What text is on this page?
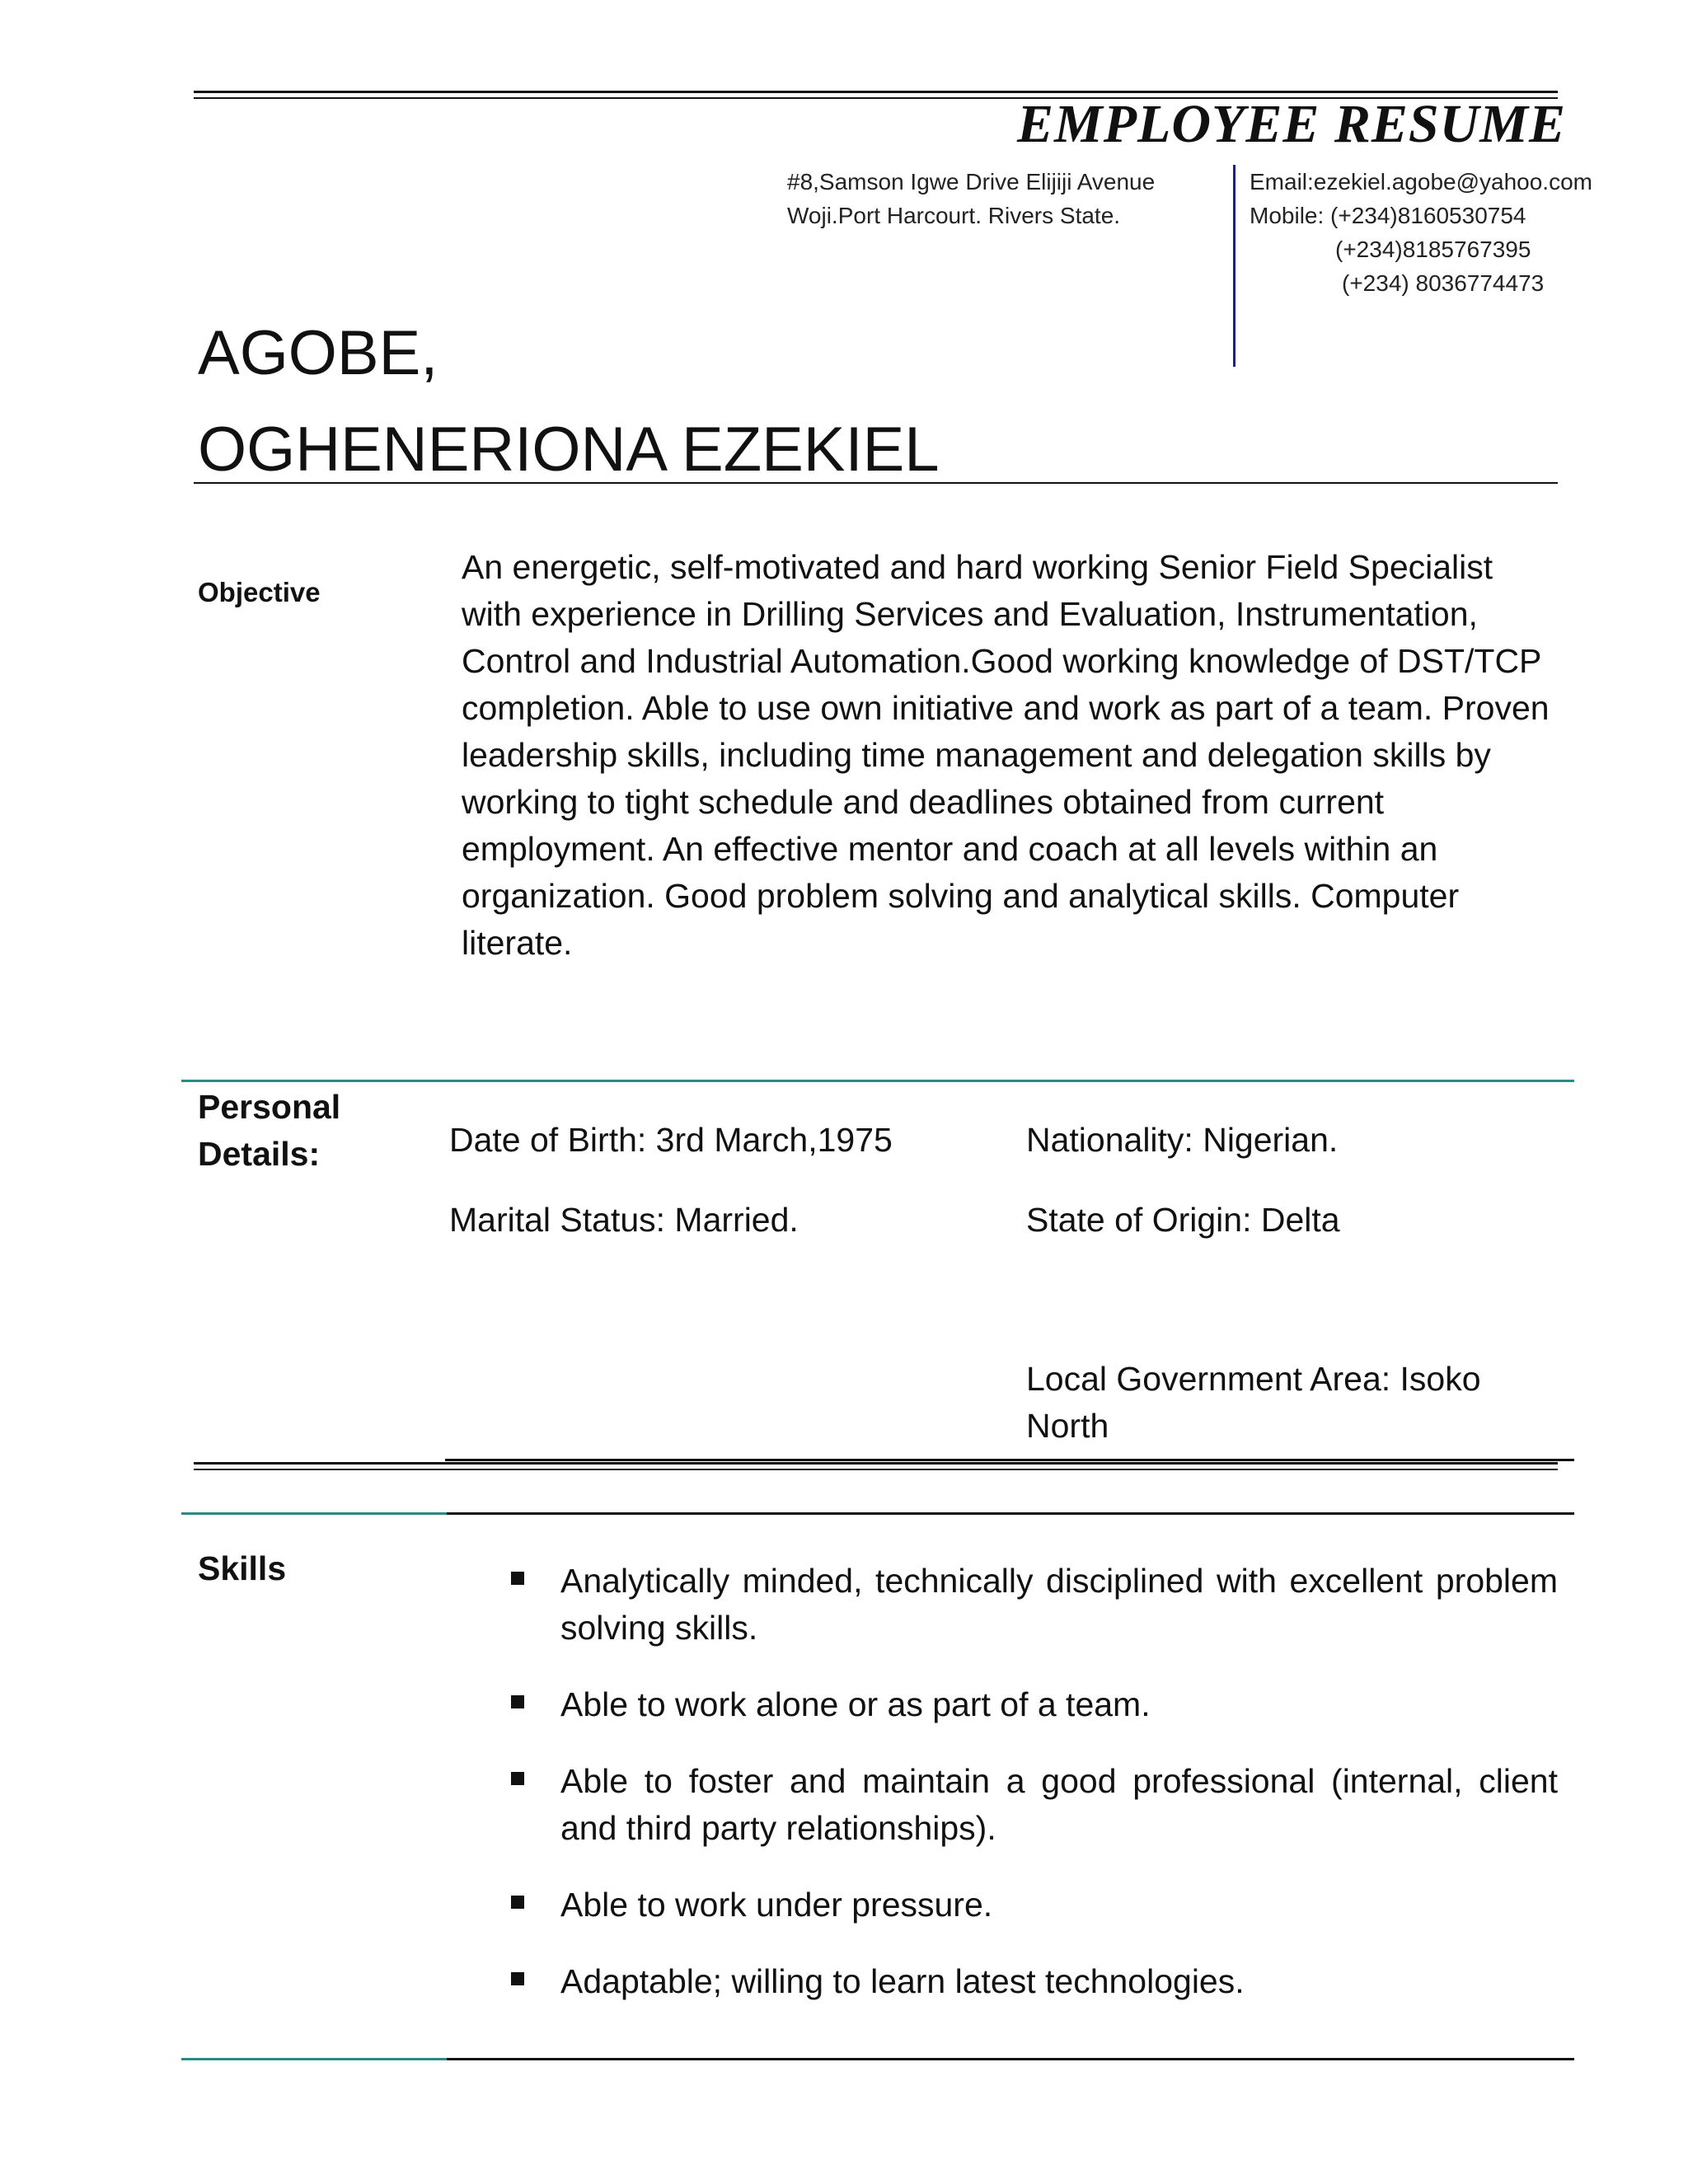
EMPLOYEE RESUME
#8,Samson Igwe Drive Elijiji Avenue
Woji.Port Harcourt. Rivers State.
Email:ezekiel.agobe@yahoo.com
Mobile: (+234)8160530754
(+234)8185767395
(+234) 8036774473
AGOBE,
OGHENERIONA EZEKIEL
Objective
An energetic, self-motivated and hard working Senior Field Specialist with experience in Drilling Services and Evaluation, Instrumentation, Control and Industrial Automation.Good working knowledge of DST/TCP completion. Able to use own initiative and work as part of a team. Proven leadership skills, including time management and delegation skills by working to tight schedule and deadlines obtained from current employment. An effective mentor and coach at all levels within an organization. Good problem solving and analytical skills. Computer literate.
Personal
Details:	Date of Birth: 3rd March,1975	Nationality: Nigerian.
Marital Status: Married.	State of Origin: Delta
Local Government Area: Isoko North
Skills	Analytically minded, technically disciplined with excellent problem solving skills.
Able to work alone or as part of a team.
Able to foster and maintain a good professional (internal, client and third party relationships).
Able to work under pressure.
Adaptable; willing to learn latest technologies.
